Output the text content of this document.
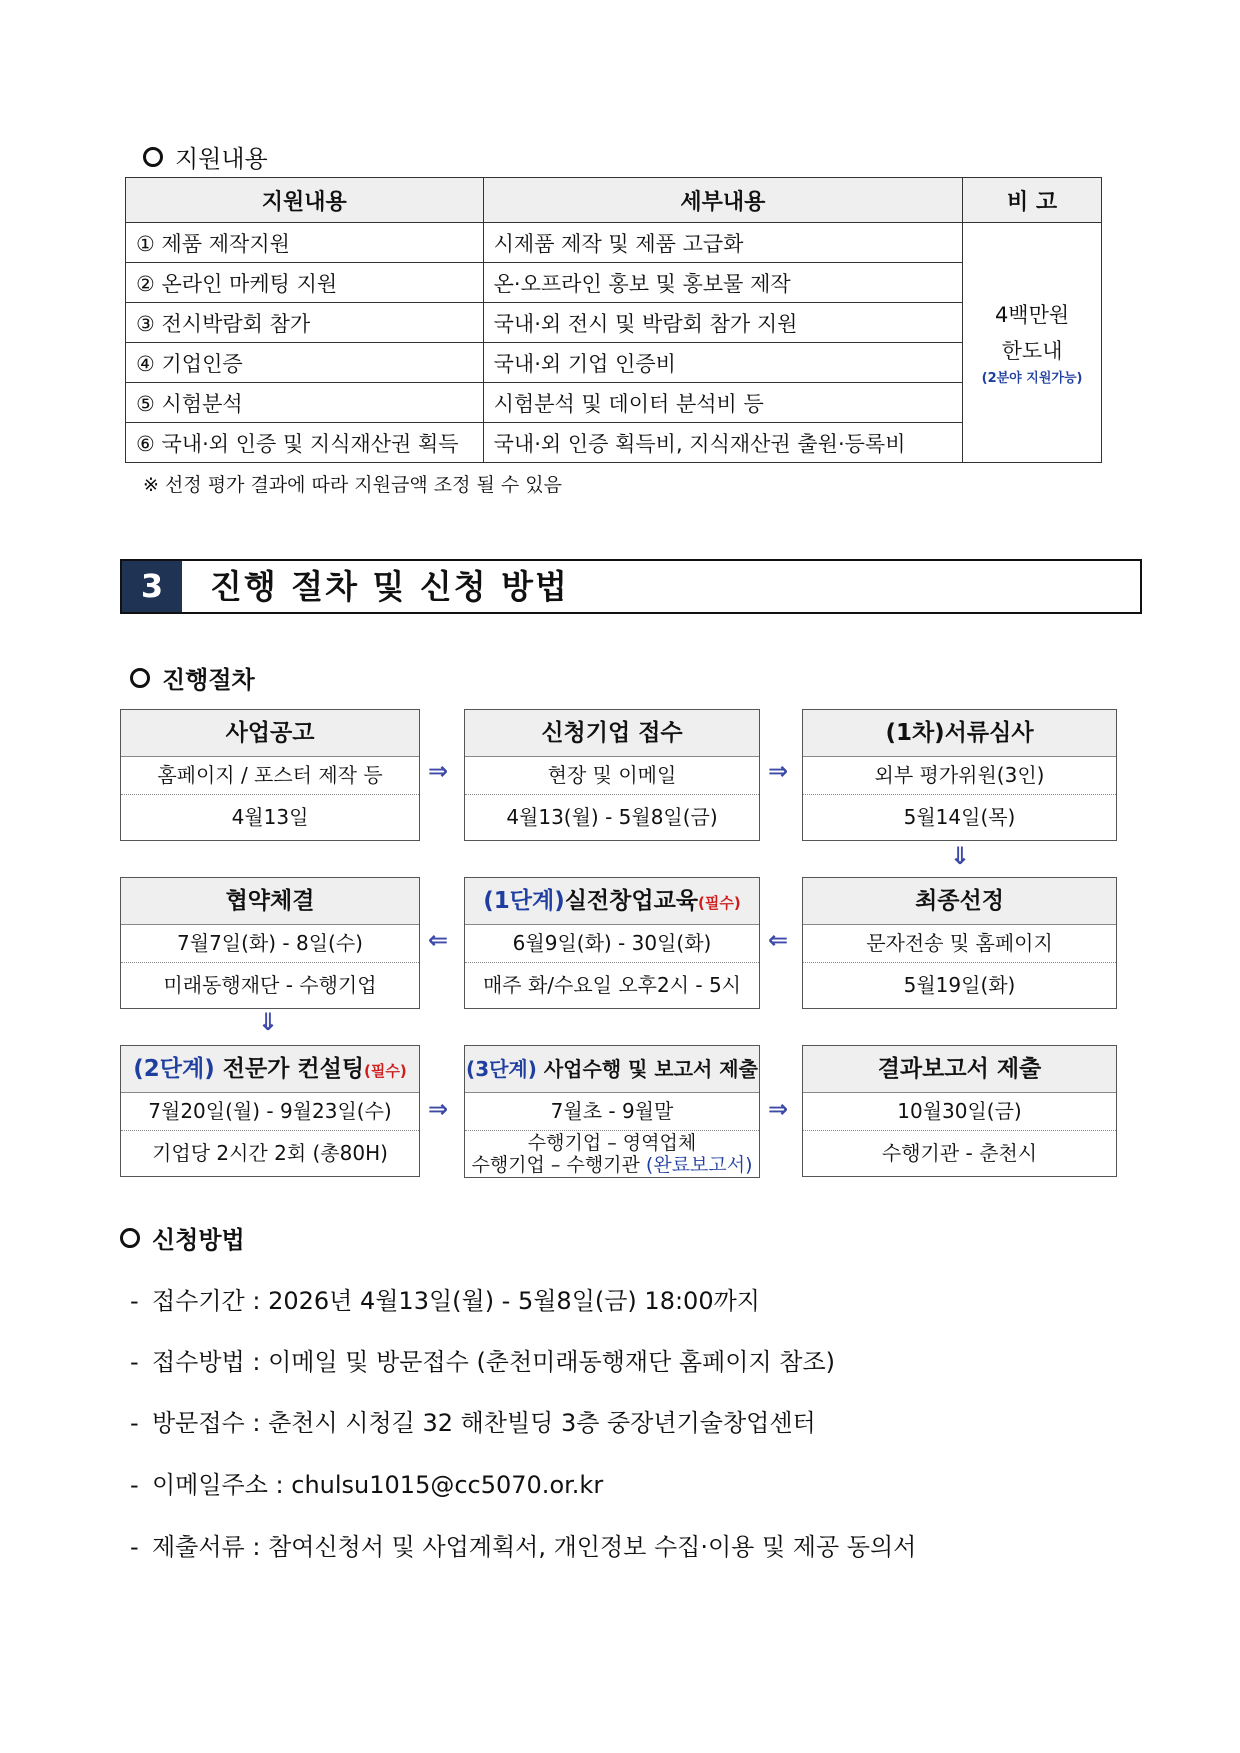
지원내용
지원내용	세부내용	비 고
① 제품 제작지원	시제품 제작 및 제품 고급화	4백만원
한도내
(2분야 지원가능)

② 온라인 마케팅 지원	온·오프라인 홍보 및 홍보물 제작	
③ 전시박람회 참가	국내·외 전시 및 박람회 참가 지원	
④ 기업인증	국내·외 기업 인증비	
⑤ 시험분석	시험분석 및 데이터 분석비 등	
⑥ 국내·외 인증 및 지식재산권 획득	국내·외 인증 획득비, 지식재산권 출원·등록비	
※ 선정 평가 결과에 따라 지원금액 조정 될 수 있음
3	진행 절차 및 신청 방법
진행절차
사업공고
홈페이지 / 포스터 제작 등
4월13일
⇒
신청기업 접수
현장 및 이메일
4월13(월) - 5월8일(금)
⇒
(1차)서류심사
외부 평가위원(3인)
5월14일(목)
⇓
협약체결
7월7일(화) - 8일(수)
미래동행재단 - 수행기업
⇐
(1단계)실전창업교육(필수)
6월9일(화) - 30일(화)
매주 화/수요일 오후2시 - 5시
⇐
최종선정
문자전송 및 홈페이지
5월19일(화)
⇓
(2단계) 전문가 컨설팅(필수)
7월20일(월) - 9월23일(수)
기업당 2시간 2회 (총80H)
⇒
(3단계) 사업수행 및 보고서 제출
7월초 - 9월말
수행기업 – 영역업체
수행기업 – 수행기관 (완료보고서)
⇒
결과보고서 제출
10월30일(금)
수행기관 - 춘천시
신청방법
- 접수기간 : 2026년 4월13일(월) - 5월8일(금) 18:00까지
- 접수방법 : 이메일 및 방문접수 (춘천미래동행재단 홈페이지 참조)
- 방문접수 : 춘천시 시청길 32 해찬빌딩 3층 중장년기술창업센터
- 이메일주소 : chulsu1015@cc5070.or.kr
- 제출서류 : 참여신청서 및 사업계획서, 개인정보 수집·이용 및 제공 동의서
